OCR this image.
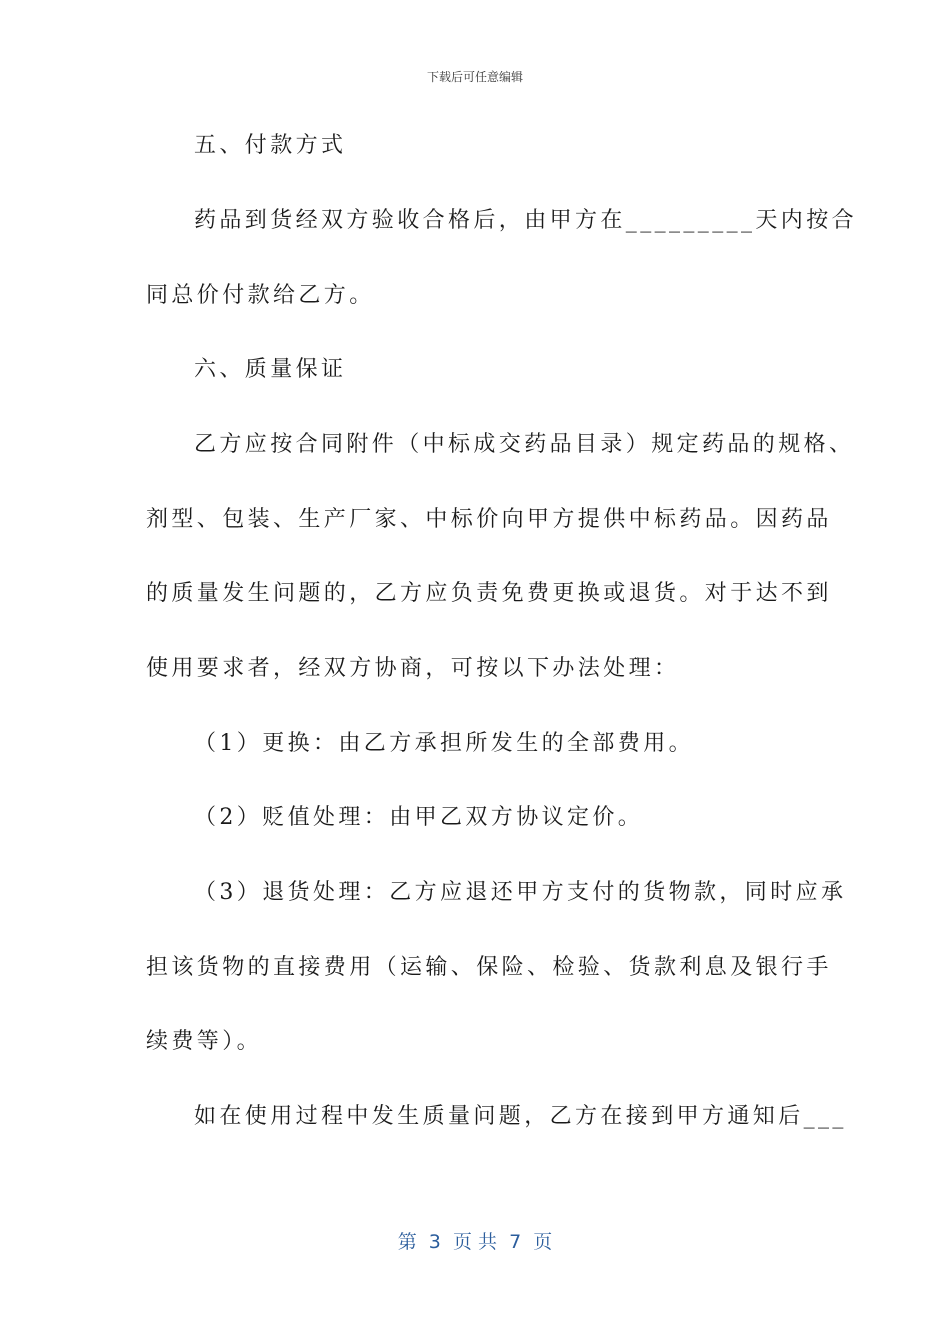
下载后可任意编辑
五、付款方式
药品到货经双方验收合格后，由甲方在_________天内按合
同总价付款给乙方。
六、质量保证
乙方应按合同附件（中标成交药品目录）规定药品的规格、
剂型、包装、生产厂家、中标价向甲方提供中标药品。因药品
的质量发生问题的，乙方应负责免费更换或退货。对于达不到
使用要求者，经双方协商，可按以下办法处理：
（1）更换：由乙方承担所发生的全部费用。
（2）贬值处理：由甲乙双方协议定价。
（3）退货处理：乙方应退还甲方支付的货物款，同时应承
担该货物的直接费用（运输、保险、检验、货款利息及银行手
续费等）。
如在使用过程中发生质量问题，乙方在接到甲方通知后___
第  3  页 共  7  页
